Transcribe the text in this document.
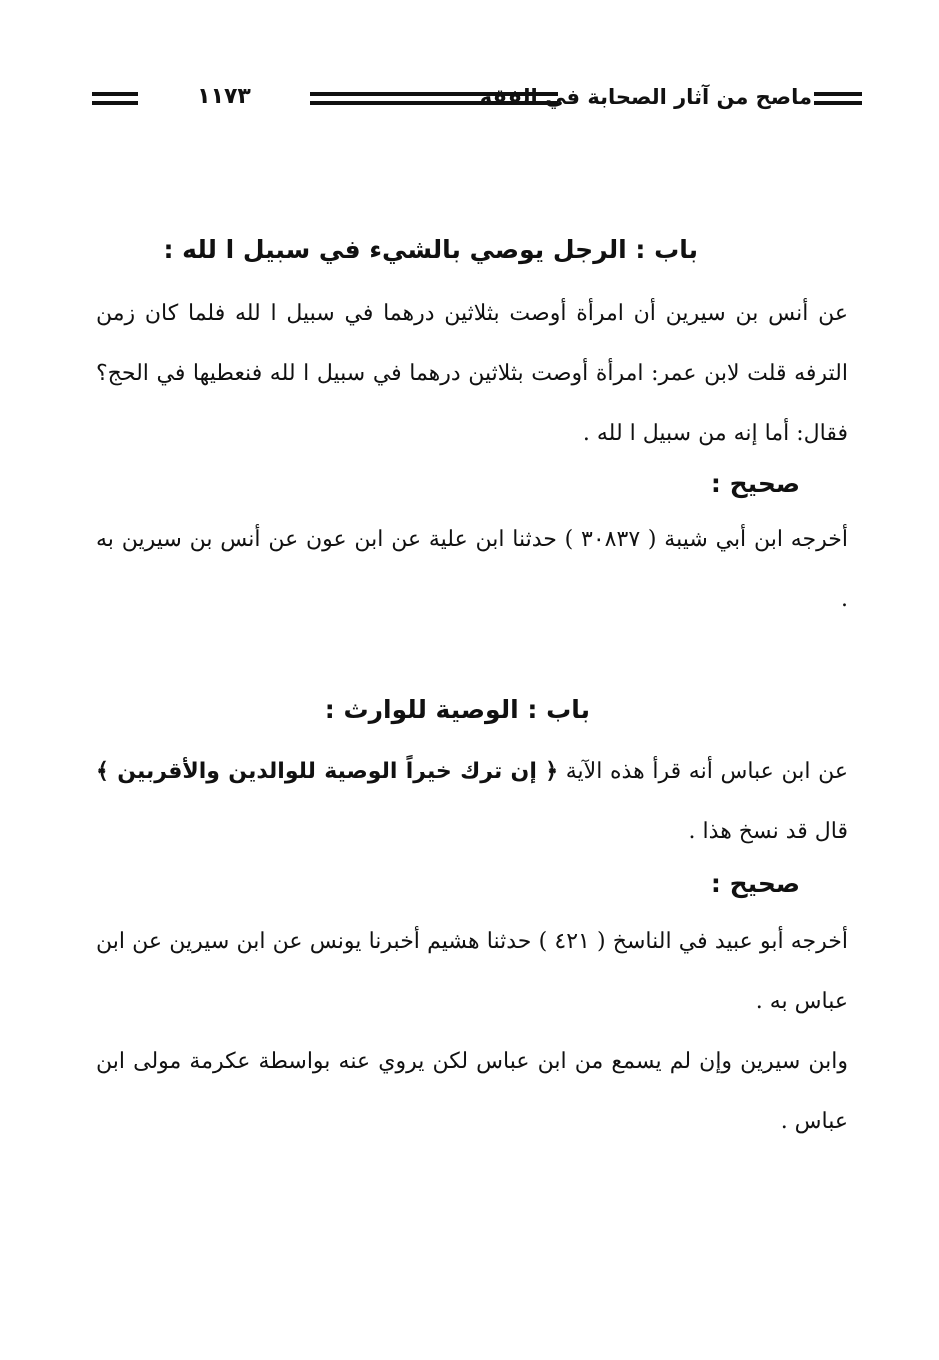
١١٧٣	ماصح من آثار الصحابة في الفقه
باب : الرجل يوصي بالشيء في سبيل ا لله :

عن أنس بن سيرين أن امرأة أوصت بثلاثين درهما في سبيل ا لله فلما كان زمن الترفه قلت لابن عمر: امرأة أوصت بثلاثين درهما في سبيل ا لله فنعطيها في الحج؟ فقال: أما إنه من سبيل ا لله .

صحيح :

أخرجه ابن أبي شيبة ( ٣٠٨٣٧ ) حدثنا ابن علية عن ابن عون عن أنس بن سيرين به .

باب : الوصية للوارث :

عن ابن عباس أنه قرأ هذه الآية ﴿ إن ترك خيراً الوصية للوالدين والأقربين ﴾ قال قد نسخ هذا .

صحيح :

أخرجه أبو عبيد في الناسخ ( ٤٢١ ) حدثنا هشيم أخبرنا يونس عن ابن سيرين عن ابن عباس به .

وابن سيرين وإن لم يسمع من ابن عباس لكن يروي عنه بواسطة عكرمة مولى ابن عباس .
